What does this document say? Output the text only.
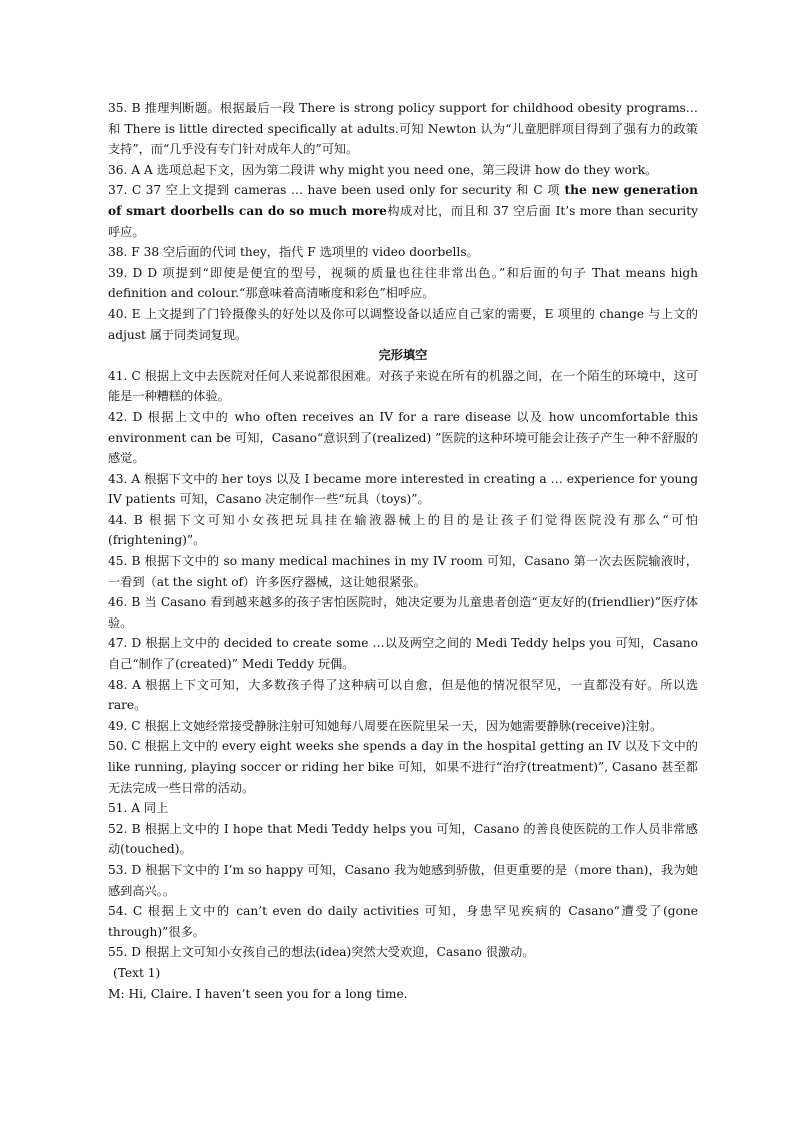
35. B 推理判断题。根据最后一段 There is strong policy support for childhood obesity programs…和 There is little directed specifically at adults.可知 Newton 认为“儿童肥胖项目得到了强有力的政策支持”，而“几乎没有专门针对成年人的”可知。

36. A A 选项总起下文，因为第二段讲 why might you need one，第三段讲 how do they work。

37. C 37 空上文提到 cameras … have been used only for security 和 C 项 the new generation of smart doorbells can do so much more构成对比，而且和 37 空后面 It’s more than security 呼应。

38. F 38 空后面的代词 they，指代 F 选项里的 video doorbells。

39. D D 项提到“即使是便宜的型号，视频的质量也往往非常出色。”和后面的句子 That means high definition and colour.“那意味着高清晰度和彩色”相呼应。

40. E 上文提到了门铃摄像头的好处以及你可以调整设备以适应自己家的需要，E 项里的 change 与上文的 adjust 属于同类词复现。

完形填空

41. C 根据上文中去医院对任何人来说都很困难。对孩子来说在所有的机器之间，在一个陌生的环境中，这可能是一种糟糕的体验。

42. D 根据上文中的 who often receives an IV for a rare disease 以及 how uncomfortable this environment can be 可知，Casano“意识到了(realized) ”医院的这种环境可能会让孩子产生一种不舒服的感觉。

43. A 根据下文中的 her toys 以及 I became more interested in creating a … experience for young IV patients 可知，Casano 决定制作一些“玩具（toys)”。

44. B 根据下文可知小女孩把玩具挂在输液器械上的目的是让孩子们觉得医院没有那么“可怕(frightening)”。

45. B 根据下文中的 so many medical machines in my IV room 可知，Casano 第一次去医院输液时，一看到（at the sight of）许多医疗器械，这让她很紧张。

46. B 当 Casano 看到越来越多的孩子害怕医院时，她决定要为儿童患者创造“更友好的(friendlier)”医疗体验。

47. D 根据上文中的 decided to create some …以及两空之间的 Medi Teddy helps you 可知，Casano 自己“制作了(created)” Medi Teddy 玩偶。

48. A 根据上下文可知，大多数孩子得了这种病可以自愈，但是他的情况很罕见，一直都没有好。所以选 rare。

49. C 根据上文她经常接受静脉注射可知她每八周要在医院里呆一天，因为她需要静脉(receive)注射。

50. C 根据上文中的 every eight weeks she spends a day in the hospital getting an IV 以及下文中的 like running, playing soccer or riding her bike 可知，如果不进行“治疗(treatment)”, Casano 甚至都无法完成一些日常的活动。

51. A 同上

52. B 根据上文中的 I hope that Medi Teddy helps you 可知，Casano 的善良使医院的工作人员非常感动(touched)。

53. D 根据下文中的 I’m so happy 可知，Casano 我为她感到骄傲，但更重要的是（more than)，我为她感到高兴。。

54. C 根据上文中的 can’t even do daily activities 可知，身患罕见疾病的 Casano“遭受了(gone through)”很多。

55. D 根据上文可知小女孩自己的想法(idea)突然大受欢迎，Casano 很激动。

(Text 1)

M: Hi, Claire. I haven’t seen you for a long time.
